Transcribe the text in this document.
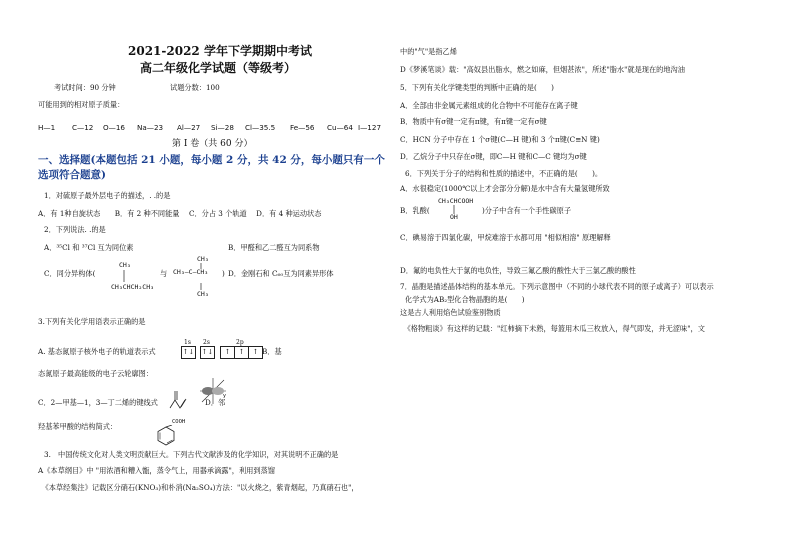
2021-2022 学年下学期期中考试
高二年级化学试题（等级考）
考试时间：90 分钟	试题分数：100
可能用到的相对原子质量：
H—1 C—12 O—16 Na—23 Al—27 Si—28 Cl—35.5 Fe—56 Cu—64 I—127
第 I 卷（共 60 分）
一、选择题(本题包括 21 小题，每小题 2 分，共 42 分，每小题只有一个
选项符合题意)
1．对硫原子最外层电子的描述，. .的是
A．有 1种自旋状态　　B．有 2 种不同能量　 C．分占 3 个轨道　 D．有 4 种运动状态
2．下列说法. .的是
A．³⁵Cl 和 ³⁷Cl 互为同位素	B．甲醛和乙二醛互为同系物
C．同分异构体(
CH₃
CH₃CHCH₂CH₃
与
CH₃
CH₃—C—CH₃
CH₃
) D．金刚石和 C₆₀互为同素异形体
3.下列有关化学用语表示正确的是
A. 基态氮原子核外电子的轨道表示式
1s 2s	2p
↑↓ ↑↓	↑	↑	↑ B．基
态氮原子最高能级的电子云轮廓图：
C．2—甲基—1，3—丁二烯的键线式
y
D．邻
羟基苯甲酸的结构简式：	COOH
3.　中国传统文化对人类文明贡献巨大。下列古代文献涉及的化学知识，对其说明不正确的是
A《本草纲目》中 "用浓酒和糟入甑，蒸令气上，用器承滴露"，利用到蒸馏
　《本草经集注》记载区分硝石(KNO₃)和朴消(Na₂SO₄)方法："以火烧之，紫青烟起，乃真硝石也"，
中的"气"是指乙烯
D《梦溪笔谈》载："高奴县出脂水，燃之如麻，但烟甚浓"，所述"脂水"就是现在的地沟油
5．下列有关化学键类型的判断中正确的是(　　)
A．全部由非金属元素组成的化合物中不可能存在离子键
B．物质中有σ键一定有π键，有π键一定有σ键
C．HCN 分子中存在 1 个σ键(C—H 键)和 3 个π键(C≡N 键)
D．乙烷分子中只存在σ键，即C—H 键和C—C 键均为σ键
6．下列关于分子的结构和性质的描述中，不正确的是(　　)。
A．水很稳定(1000℃以上才会部分分解)是水中含有大量氢键所致
B．乳酸(
CH₃CHCOOH
OH
)分子中含有一个手性碳原子
C．碘易溶于四氯化碳，甲烷难溶于水都可用 "相似相溶" 原理解释
D．氟的电负性大于氯的电负性，导致三氟乙酸的酸性大于三氯乙酸的酸性
7．晶胞是描述晶体结构的基本单元。下列示意图中（不同的小球代表不同的原子或离子）可以表示
化学式为AB₂型化合物晶胞的是(　　)
这是古人利用焰色试验鉴别物质
　《格物粗谈》有这样的记载："红柿摘下未熟，每篮用木瓜三枚放入，得气即发，并无涩味"，文
